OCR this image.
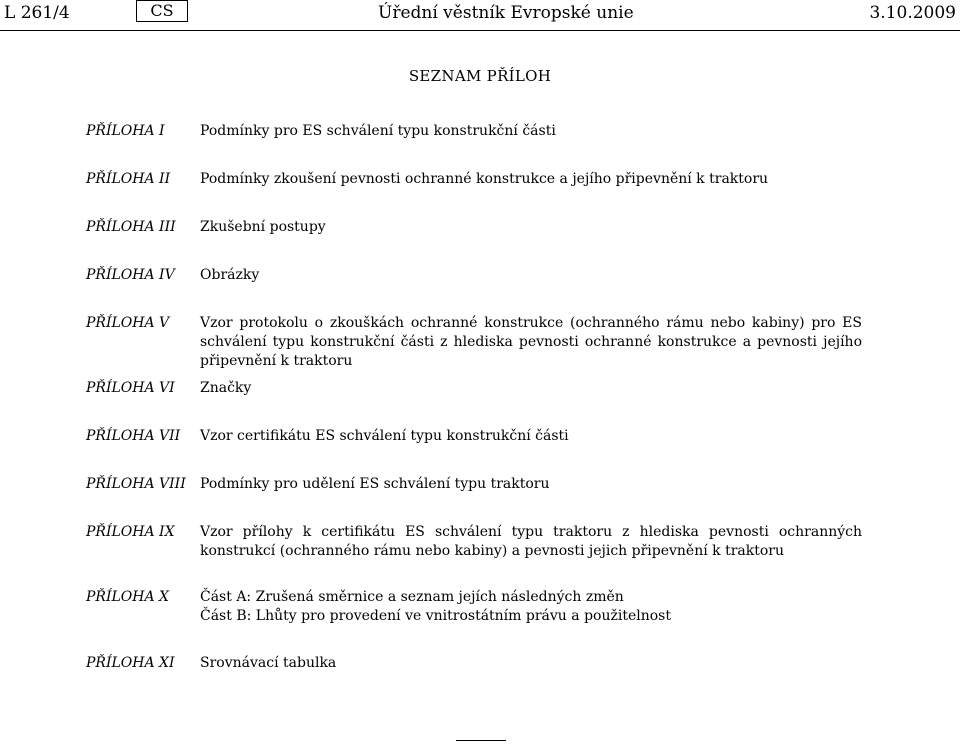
L 261/4	CS	Úřední věstník Evropské unie	3.10.2009
SEZNAM PŘÍLOH
PŘÍLOHA I	Podmínky pro ES schválení typu konstrukční části
PŘÍLOHA II Podmínky zkoušení pevnosti ochranné konstrukce a jejího připevnění k traktoru
PŘÍLOHA III Zkušební postupy
PŘÍLOHA IV Obrázky
PŘÍLOHA V Vzor protokolu o zkouškách ochranné konstrukce (ochranného rámu nebo kabiny) pro ES schválení typu konstrukční části z hlediska pevnosti ochranné konstrukce a pevnosti jejího připevnění k traktoru
PŘÍLOHA VI Značky
PŘÍLOHA VII Vzor certifikátu ES schválení typu konstrukční části
PŘÍLOHA VIII Podmínky pro udělení ES schválení typu traktoru
PŘÍLOHA IX Vzor přílohy k certifikátu ES schválení typu traktoru z hlediska pevnosti ochranných konstrukcí (ochranného rámu nebo kabiny) a pevnosti jejich připevnění k traktoru
PŘÍLOHA X Část A: Zrušená směrnice a seznam jejích následných změn
Část B: Lhůty pro provedení ve vnitrostátním právu a použitelnost
PŘÍLOHA XI Srovnávací tabulka
